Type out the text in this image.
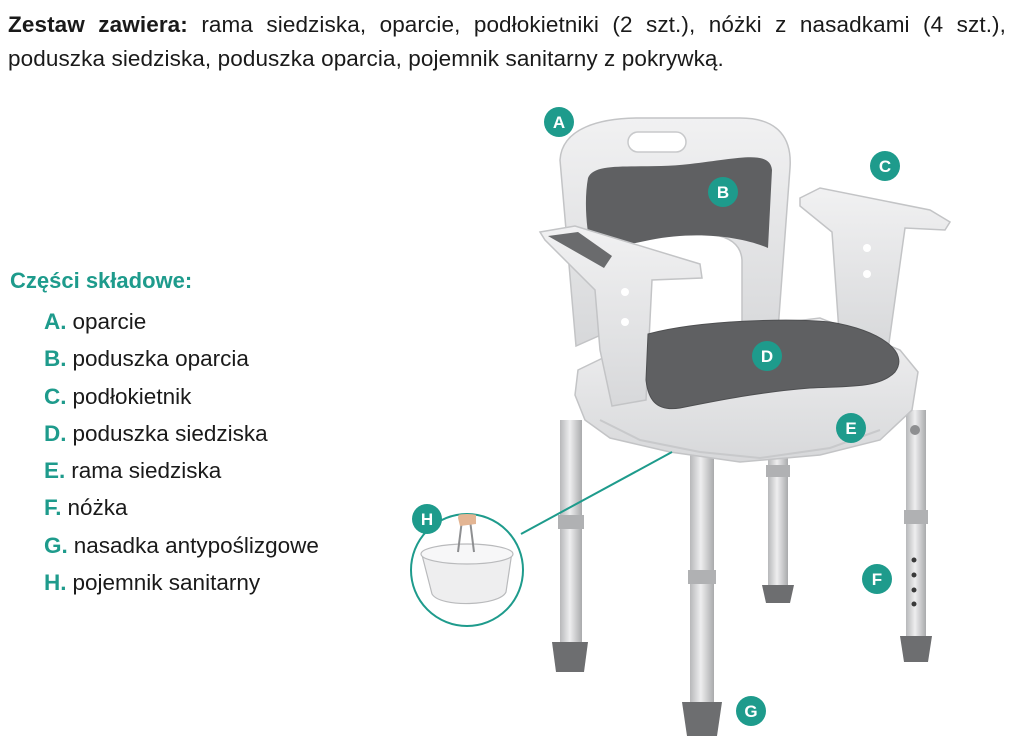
Zestaw zawiera: rama siedziska, oparcie, podłokietniki (2 szt.), nóżki z nasadkami (4 szt.), poduszka siedziska, poduszka oparcia, pojemnik sanitarny z pokrywką.
Części składowe:
A. oparcie
B. poduszka oparcia
C. podłokietnik
D. poduszka siedziska
E. rama siedziska
F. nóżka
G. nasadka antypoślizgowe
H. pojemnik sanitarny
A
B
C
D
E
F
G
H
